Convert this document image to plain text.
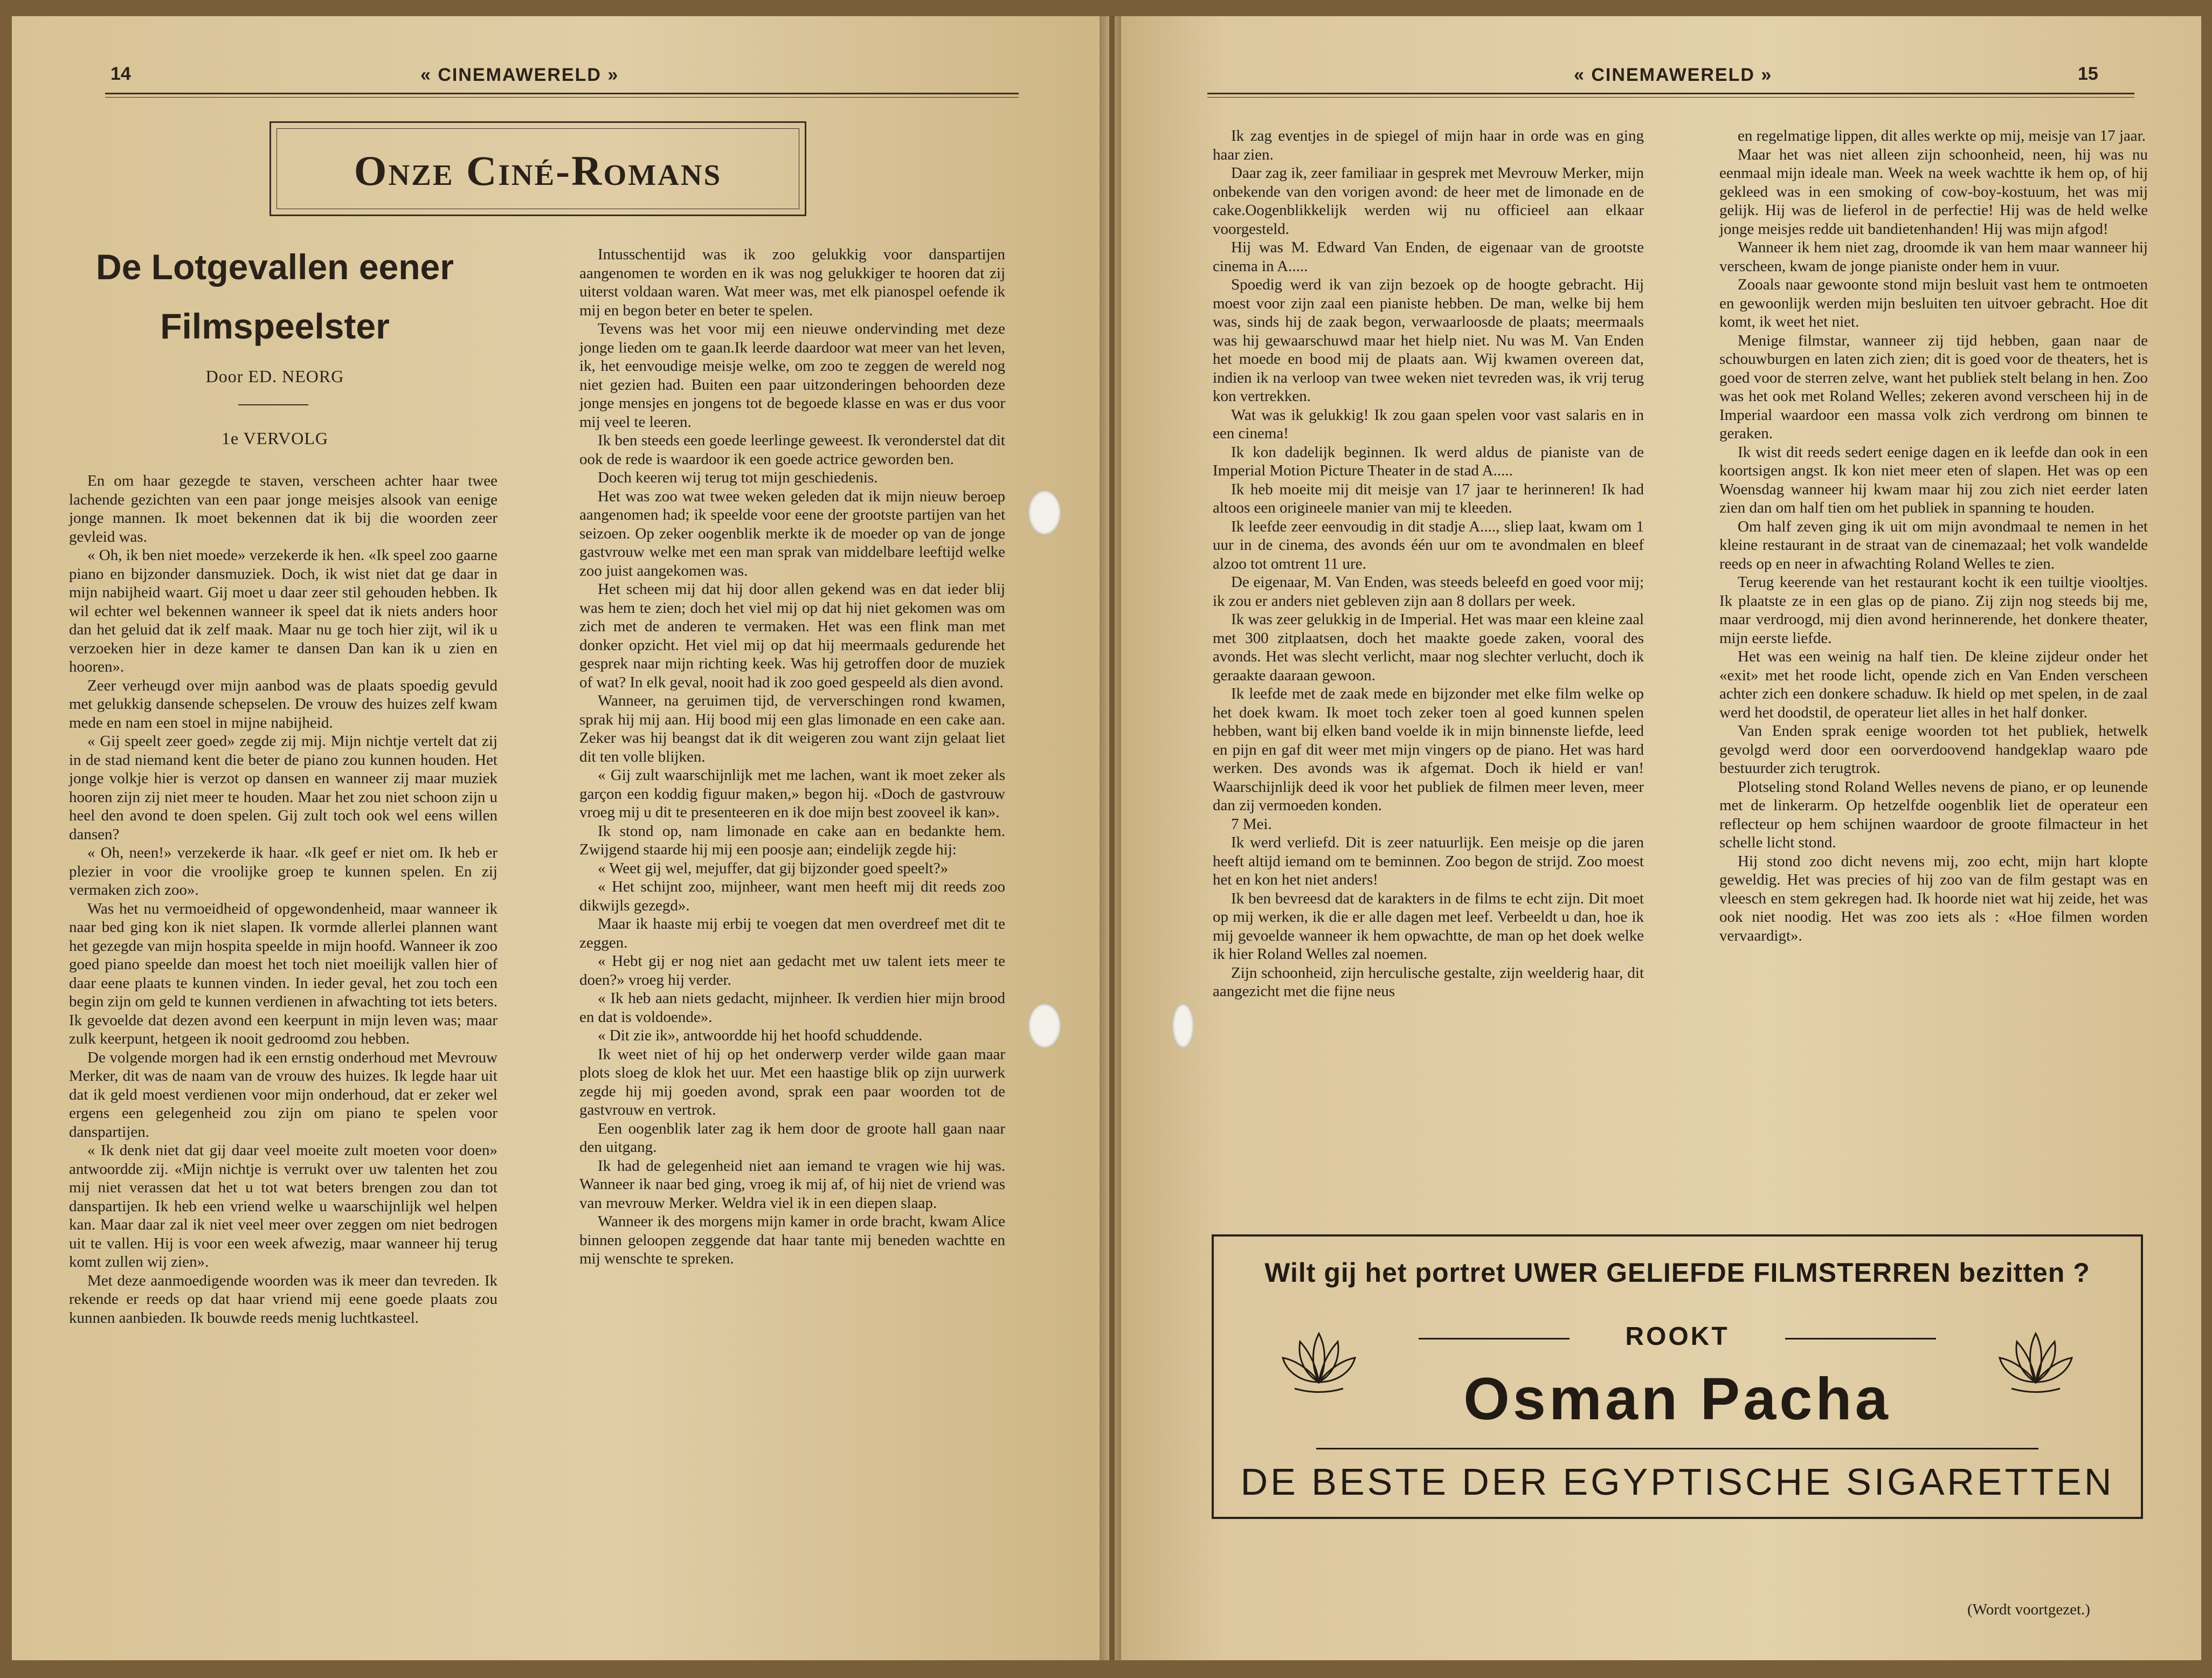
14	« CINEMAWERELD »
Onze Ciné-Romans
De Lotgevallen eener Filmspeelster
Door ED. NEORG
1e VERVOLG

En om haar gezegde te staven, verscheen achter haar twee lachende gezichten van een paar jonge meisjes alsook van eenige jonge mannen. Ik moet bekennen dat ik bij die woorden zeer gevleid was.

« Oh, ik ben niet moede» verzekerde ik hen. «Ik speel zoo gaarne piano en bijzonder dansmuziek. Doch, ik wist niet dat ge daar in mijn nabijheid waart. Gij moet u daar zeer stil gehouden hebben. Ik wil echter wel bekennen wanneer ik speel dat ik niets anders hoor dan het geluid dat ik zelf maak. Maar nu ge toch hier zijt, wil ik u verzoeken hier in deze kamer te dansen Dan kan ik u zien en hooren».

Zeer verheugd over mijn aanbod was de plaats spoedig gevuld met gelukkig dansende schepselen. De vrouw des huizes zelf kwam mede en nam een stoel in mijne nabijheid.

« Gij speelt zeer goed» zegde zij mij. Mijn nichtje vertelt dat zij in de stad niemand kent die beter de piano zou kunnen houden. Het jonge volkje hier is verzot op dansen en wanneer zij maar muziek hooren zijn zij niet meer te houden. Maar het zou niet schoon zijn u heel den avond te doen spelen. Gij zult toch ook wel eens willen dansen?

« Oh, neen!» verzekerde ik haar. «Ik geef er niet om. Ik heb er plezier in voor die vroolijke groep te kunnen spelen. En zij vermaken zich zoo».

Was het nu vermoeidheid of opgewondenheid, maar wanneer ik naar bed ging kon ik niet slapen. Ik vormde allerlei plannen want het gezegde van mijn hospita speelde in mijn hoofd. Wanneer ik zoo goed piano speelde dan moest het toch niet moeilijk vallen hier of daar eene plaats te kunnen vinden. In ieder geval, het zou toch een begin zijn om geld te kunnen verdienen in afwachting tot iets beters. Ik gevoelde dat dezen avond een keerpunt in mijn leven was; maar zulk keerpunt, hetgeen ik nooit gedroomd zou hebben.

De volgende morgen had ik een ernstig onderhoud met Mevrouw Merker, dit was de naam van de vrouw des huizes. Ik legde haar uit dat ik geld moest verdienen voor mijn onderhoud, dat er zeker wel ergens een gelegenheid zou zijn om piano te spelen voor danspartijen.

« Ik denk niet dat gij daar veel moeite zult moeten voor doen» antwoordde zij. «Mijn nichtje is verrukt over uw talenten het zou mij niet verassen dat het u tot wat beters brengen zou dan tot danspartijen. Ik heb een vriend welke u waarschijnlijk wel helpen kan. Maar daar zal ik niet veel meer over zeggen om niet bedrogen uit te vallen. Hij is voor een week afwezig, maar wanneer hij terug komt zullen wij zien».

Met deze aanmoedigende woorden was ik meer dan tevreden. Ik rekende er reeds op dat haar vriend mij eene goede plaats zou kunnen aanbieden. Ik bouwde reeds menig luchtkasteel.

Intusschentijd was ik zoo gelukkig voor danspartijen aangenomen te worden en ik was nog gelukkiger te hooren dat zij uiterst voldaan waren. Wat meer was, met elk pianospel oefende ik mij en begon beter en beter te spelen.

Tevens was het voor mij een nieuwe ondervinding met deze jonge lieden om te gaan.Ik leerde daardoor wat meer van het leven, ik, het eenvoudige meisje welke, om zoo te zeggen de wereld nog niet gezien had. Buiten een paar uitzonderingen behoorden deze jonge mensjes en jongens tot de begoede klasse en was er dus voor mij veel te leeren.

Ik ben steeds een goede leerlinge geweest. Ik veronderstel dat dit ook de rede is waardoor ik een goede actrice geworden ben.

Doch keeren wij terug tot mijn geschiedenis.

Het was zoo wat twee weken geleden dat ik mijn nieuw beroep aangenomen had; ik speelde voor eene der grootste partijen van het seizoen. Op zeker oogenblik merkte ik de moeder op van de jonge gastvrouw welke met een man sprak van middelbare leeftijd welke zoo juist aangekomen was.

Het scheen mij dat hij door allen gekend was en dat ieder blij was hem te zien; doch het viel mij op dat hij niet gekomen was om zich met de anderen te vermaken. Het was een flink man met donker opzicht. Het viel mij op dat hij meermaals gedurende het gesprek naar mijn richting keek. Was hij getroffen door de muziek of wat? In elk geval, nooit had ik zoo goed gespeeld als dien avond.

Wanneer, na geruimen tijd, de ververschingen rond kwamen, sprak hij mij aan. Hij bood mij een glas limonade en een cake aan. Zeker was hij beangst dat ik dit weigeren zou want zijn gelaat liet dit ten volle blijken.

« Gij zult waarschijnlijk met me lachen, want ik moet zeker als garçon een koddig figuur maken,» begon hij. «Doch de gastvrouw vroeg mij u dit te presenteeren en ik doe mijn best zooveel ik kan».

Ik stond op, nam limonade en cake aan en bedankte hem. Zwijgend staarde hij mij een poosje aan; eindelijk zegde hij:

« Weet gij wel, mejuffer, dat gij bijzonder goed speelt?»

« Het schijnt zoo, mijnheer, want men heeft mij dit reeds zoo dikwijls gezegd».

Maar ik haaste mij erbij te voegen dat men overdreef met dit te zeggen.

« Hebt gij er nog niet aan gedacht met uw talent iets meer te doen?» vroeg hij verder.

« Ik heb aan niets gedacht, mijnheer. Ik verdien hier mijn brood en dat is voldoende».

« Dit zie ik», antwoordde hij het hoofd schuddende.

Ik weet niet of hij op het onderwerp verder wilde gaan maar plots sloeg de klok het uur. Met een haastige blik op zijn uurwerk zegde hij mij goeden avond, sprak een paar woorden tot de gastvrouw en vertrok.

Een oogenblik later zag ik hem door de groote hall gaan naar den uitgang.

Ik had de gelegenheid niet aan iemand te vragen wie hij was. Wanneer ik naar bed ging, vroeg ik mij af, of hij niet de vriend was van mevrouw Merker. Weldra viel ik in een diepen slaap.

Wanneer ik des morgens mijn kamer in orde bracht, kwam Alice binnen geloopen zeggende dat haar tante mij beneden wachtte en mij wenschte te spreken.

« CINEMAWERELD »	15

Ik zag eventjes in de spiegel of mijn haar in orde was en ging haar zien.

Daar zag ik, zeer familiaar in gesprek met Mevrouw Merker, mijn onbekende van den vorigen avond: de heer met de limonade en de cake.Oogenblikkelijk werden wij nu officieel aan elkaar voorgesteld.

Hij was M. Edward Van Enden, de eigenaar van de grootste cinema in A.....

Spoedig werd ik van zijn bezoek op de hoogte gebracht. Hij moest voor zijn zaal een pianiste hebben. De man, welke bij hem was, sinds hij de zaak begon, verwaarloosde de plaats; meermaals was hij gewaarschuwd maar het hielp niet. Nu was M. Van Enden het moede en bood mij de plaats aan. Wij kwamen overeen dat, indien ik na verloop van twee weken niet tevreden was, ik vrij terug kon vertrekken.

Wat was ik gelukkig! Ik zou gaan spelen voor vast salaris en in een cinema!

Ik kon dadelijk beginnen. Ik werd aldus de pianiste van de Imperial Motion Picture Theater in de stad A.....

Ik heb moeite mij dit meisje van 17 jaar te herinneren! Ik had altoos een origineele manier van mij te kleeden.

Ik leefde zeer eenvoudig in dit stadje A...., sliep laat, kwam om 1 uur in de cinema, des avonds één uur om te avondmalen en bleef alzoo tot omtrent 11 ure.

De eigenaar, M. Van Enden, was steeds beleefd en goed voor mij; ik zou er anders niet gebleven zijn aan 8 dollars per week.

Ik was zeer gelukkig in de Imperial. Het was maar een kleine zaal met 300 zitplaatsen, doch het maakte goede zaken, vooral des avonds. Het was slecht verlicht, maar nog slechter verlucht, doch ik geraakte daaraan gewoon.

Ik leefde met de zaak mede en bijzonder met elke film welke op het doek kwam. Ik moet toch zeker toen al goed kunnen spelen hebben, want bij elken band voelde ik in mijn binnenste liefde, leed en pijn en gaf dit weer met mijn vingers op de piano. Het was hard werken. Des avonds was ik afgemat. Doch ik hield er van! Waarschijnlijk deed ik voor het publiek de filmen meer leven, meer dan zij vermoeden konden.

7 Mei.

Ik werd verliefd. Dit is zeer natuurlijk. Een meisje op die jaren heeft altijd iemand om te beminnen. Zoo begon de strijd. Zoo moest het en kon het niet anders!

Ik ben bevreesd dat de karakters in de films te echt zijn. Dit moet op mij werken, ik die er alle dagen met leef. Verbeeldt u dan, hoe ik mij gevoelde wanneer ik hem opwachtte, de man op het doek welke ik hier Roland Welles zal noemen.

Zijn schoonheid, zijn herculische gestalte, zijn weelderig haar, dit aangezicht met die fijne neus

en regelmatige lippen, dit alles werkte op mij, meisje van 17 jaar.

Maar het was niet alleen zijn schoonheid, neen, hij was nu eenmaal mijn ideale man. Week na week wachtte ik hem op, of hij gekleed was in een smoking of cow-boy-kostuum, het was mij gelijk. Hij was de lieferol in de perfectie! Hij was de held welke jonge meisjes redde uit bandietenhanden! Hij was mijn afgod!

Wanneer ik hem niet zag, droomde ik van hem maar wanneer hij verscheen, kwam de jonge pianiste onder hem in vuur.

Zooals naar gewoonte stond mijn besluit vast hem te ontmoeten en gewoonlijk werden mijn besluiten ten uitvoer gebracht. Hoe dit komt, ik weet het niet.

Menige filmstar, wanneer zij tijd hebben, gaan naar de schouwburgen en laten zich zien; dit is goed voor de theaters, het is goed voor de sterren zelve, want het publiek stelt belang in hen. Zoo was het ook met Roland Welles; zekeren avond verscheen hij in de Imperial waardoor een massa volk zich verdrong om binnen te geraken.

Ik wist dit reeds sedert eenige dagen en ik leefde dan ook in een koortsigen angst. Ik kon niet meer eten of slapen. Het was op een Woensdag wanneer hij kwam maar hij zou zich niet eerder laten zien dan om half tien om het publiek in spanning te houden.

Om half zeven ging ik uit om mijn avondmaal te nemen in het kleine restaurant in de straat van de cinemazaal; het volk wandelde reeds op en neer in afwachting Roland Welles te zien.

Terug keerende van het restaurant kocht ik een tuiltje viooltjes. Ik plaatste ze in een glas op de piano. Zij zijn nog steeds bij me, maar verdroogd, mij dien avond herinnerende, het donkere theater, mijn eerste liefde.

Het was een weinig na half tien. De kleine zijdeur onder het «exit» met het roode licht, opende zich en Van Enden verscheen achter zich een donkere schaduw. Ik hield op met spelen, in de zaal werd het doodstil, de operateur liet alles in het half donker.

Van Enden sprak eenige woorden tot het publiek, hetwelk gevolgd werd door een oorverdoovend handgeklap waaro pde bestuurder zich terugtrok.

Plotseling stond Roland Welles nevens de piano, er op leunende met de linkerarm. Op hetzelfde oogenblik liet de operateur een reflecteur op hem schijnen waardoor de groote filmacteur in het schelle licht stond.

Hij stond zoo dicht nevens mij, zoo echt, mijn hart klopte geweldig. Het was precies of hij zoo van de film gestapt was en vleesch en stem gekregen had. Ik hoorde niet wat hij zeide, het was ook niet noodig. Het was zoo iets als : «Hoe filmen worden vervaardigt».

(Wordt voortgezet.)
Wilt gij het portret UWER GELIEFDE FILMSTERREN bezitten ?
ROOKT
Osman Pacha
DE BESTE DER EGYPTISCHE SIGARETTEN
